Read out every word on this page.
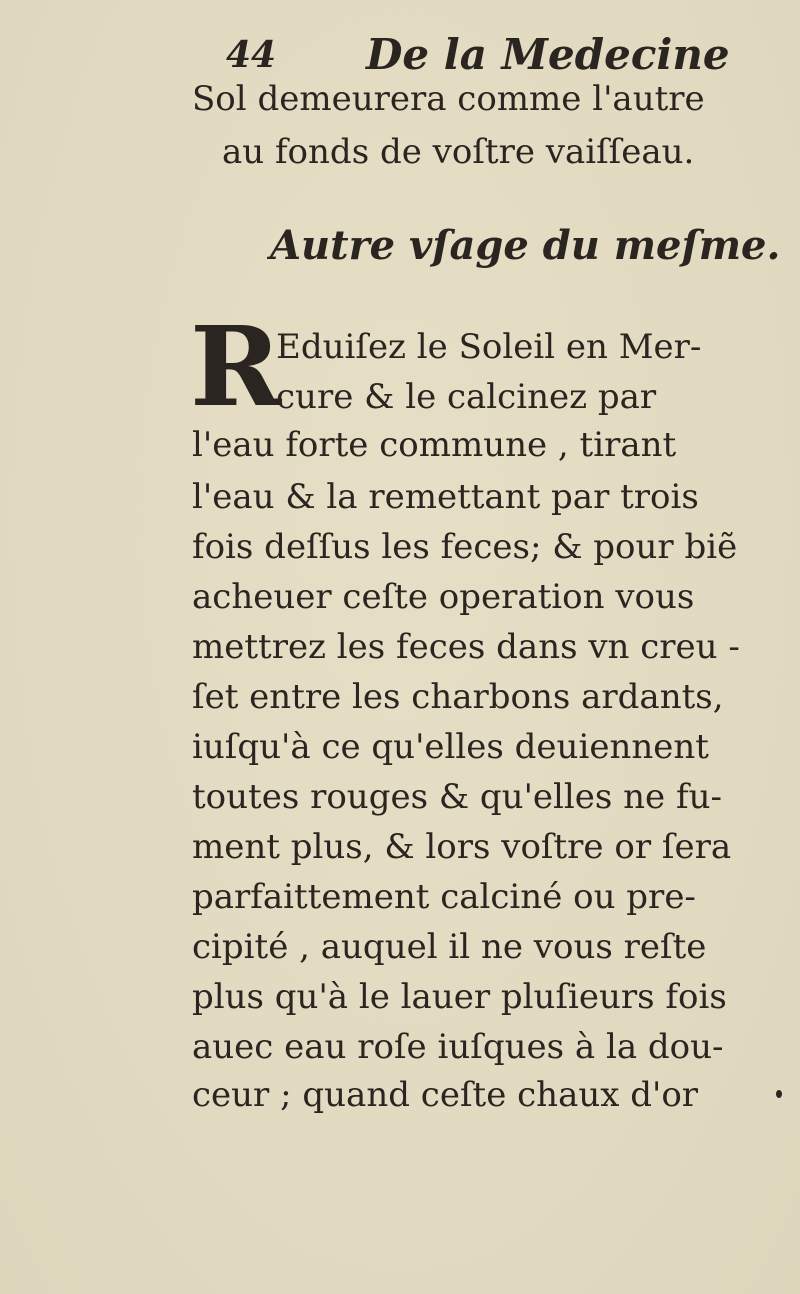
44 De la Medecine
Sol demeurera comme l'autre
au fonds de voſtre vaiſſeau.
Autre vſage du meſme.
R
Eduiſez le Soleil en Mer-
cure & le calcinez par
l'eau forte commune , tirant
l'eau & la remettant par trois
fois deſſus les feces; & pour biẽ
acheuer ceſte operation vous
mettrez les feces dans vn creu -
ſet entre les charbons ardants,
iuſqu'à ce qu'elles deuiennent
toutes rouges & qu'elles ne fu-
ment plus, & lors voſtre or ſera
parfaittement calciné ou pre-
cipité , auquel il ne vous reſte
plus qu'à le lauer pluſieurs fois
auec eau roſe iuſques à la dou-
ceur ; quand ceſte chaux d'or
